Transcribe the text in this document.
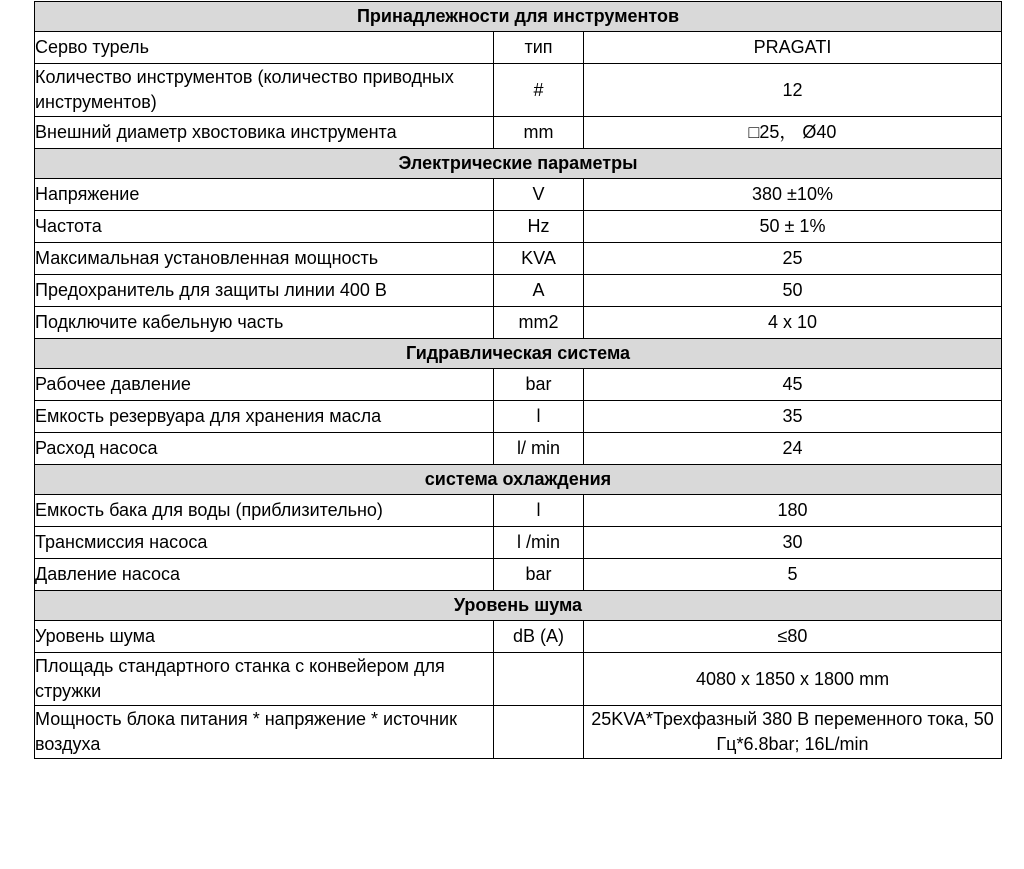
Принадлежности для инструментов		
Серво турель	тип	PRAGATI
Количество инструментов (количество приводных инструментов)	#	12
Внешний диаметр хвостовика инструмента	mm	□25， Ø40
Электрические параметры		
Напряжение	V	380 ±10%
Частота	Hz	50 ± 1%
Максимальная установленная мощность	KVA	25
Предохранитель для защиты линии 400 В	A	50
Подключите кабельную часть	mm2	4 x 10
Гидравлическая система		
Рабочее давление	bar	45
Емкость резервуара для хранения масла	l	35
Расход насоса	l/ min	24
система охлаждения		
Емкость бака для воды (приблизительно)	l	180
Трансмиссия насоса	l /min	30
Давление насоса	bar	5
Уровень шума		
Уровень шума	dB (A)	≤80
Площадь стандартного станка с конвейером для стружки		4080 x 1850 x 1800 mm
Мощность блока питания * напряжение * источник воздуха		25KVA*Трехфазный 380 В переменного тока, 50 Гц*6.8bar; 16L/min
